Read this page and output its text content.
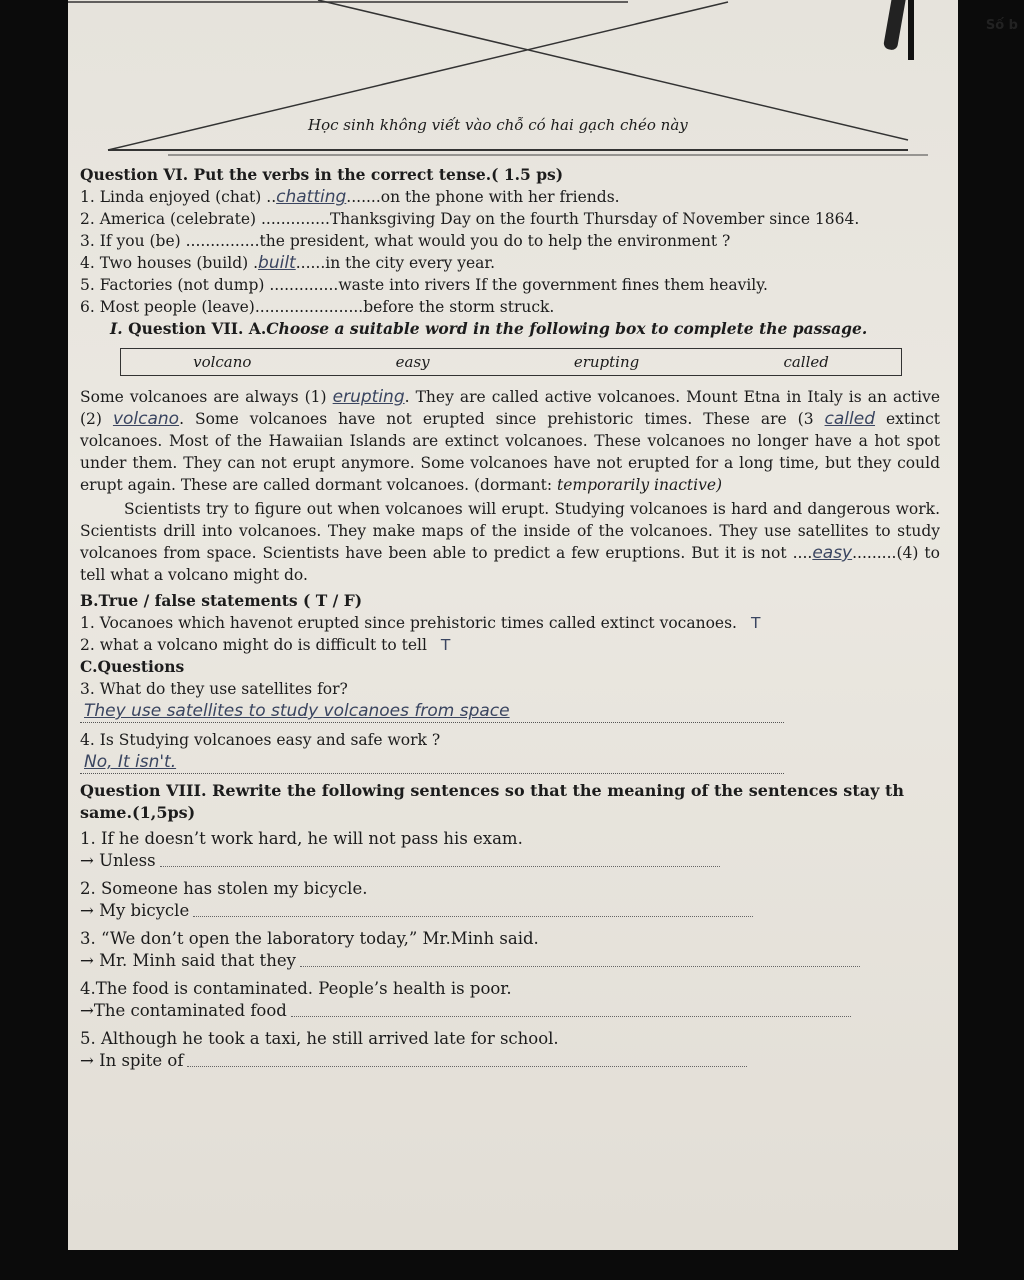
Số b
Học sinh không viết vào chỗ có hai gạch chéo này
Question VI. Put the verbs in the correct tense.( 1.5 ps)
1. Linda enjoyed (chat) ..chatting.......on the phone with her friends.
2. America (celebrate) ..............Thanksgiving Day on the fourth Thursday of November since 1864.
3. If you (be) ...............the president, what would you do to help the environment ?
4. Two houses (build) .built......in the city every year.
5. Factories (not dump) ..............waste into rivers If the government fines them heavily.
6. Most people (leave)......................before the storm struck.
I. Question VII. A.Choose a suitable word in the following box to complete the passage.
volcano	easy	erupting	called

Some volcanoes are always (1) erupting. They are called active volcanoes. Mount Etna in Italy is an active (2) volcano. Some volcanoes have not erupted since prehistoric times. These are (3 called extinct volcanoes. Most of the Hawaiian Islands are extinct volcanoes. These volcanoes no longer have a hot spot under them. They can not erupt anymore. Some volcanoes have not erupted for a long time, but they could erupt again. These are called dormant volcanoes. (dormant: temporarily inactive)

Scientists try to figure out when volcanoes will erupt. Studying volcanoes is hard and dangerous work. Scientists drill into volcanoes. They make maps of the inside of the volcanoes. They use satellites to study volcanoes from space. Scientists have been able to predict a few eruptions. But it is not ....easy.........(4) to tell what a volcano might do.

B.True / false statements ( T / F)
1. Vocanoes which havenot erupted since prehistoric times called extinct vocanoes. T
2. what a volcano might do is difficult to tell T
C.Questions
3. What do they use satellites for?
They use satellites to study volcanoes from space
4. Is Studying volcanoes easy and safe work ?
No, It isn't.
Question VIII. Rewrite the following sentences so that the meaning of the sentences stay th same.(1,5ps)
1. If he doesn’t work hard, he will not pass his exam.
→ Unless
2. Someone has stolen my bicycle.
→ My bicycle
3. “We don’t open the laboratory today,” Mr.Minh said.
→ Mr. Minh said that they
4.The food is contaminated. People’s health is poor.
→The contaminated food
5. Although he took a taxi, he still arrived late for school.
→ In spite of
